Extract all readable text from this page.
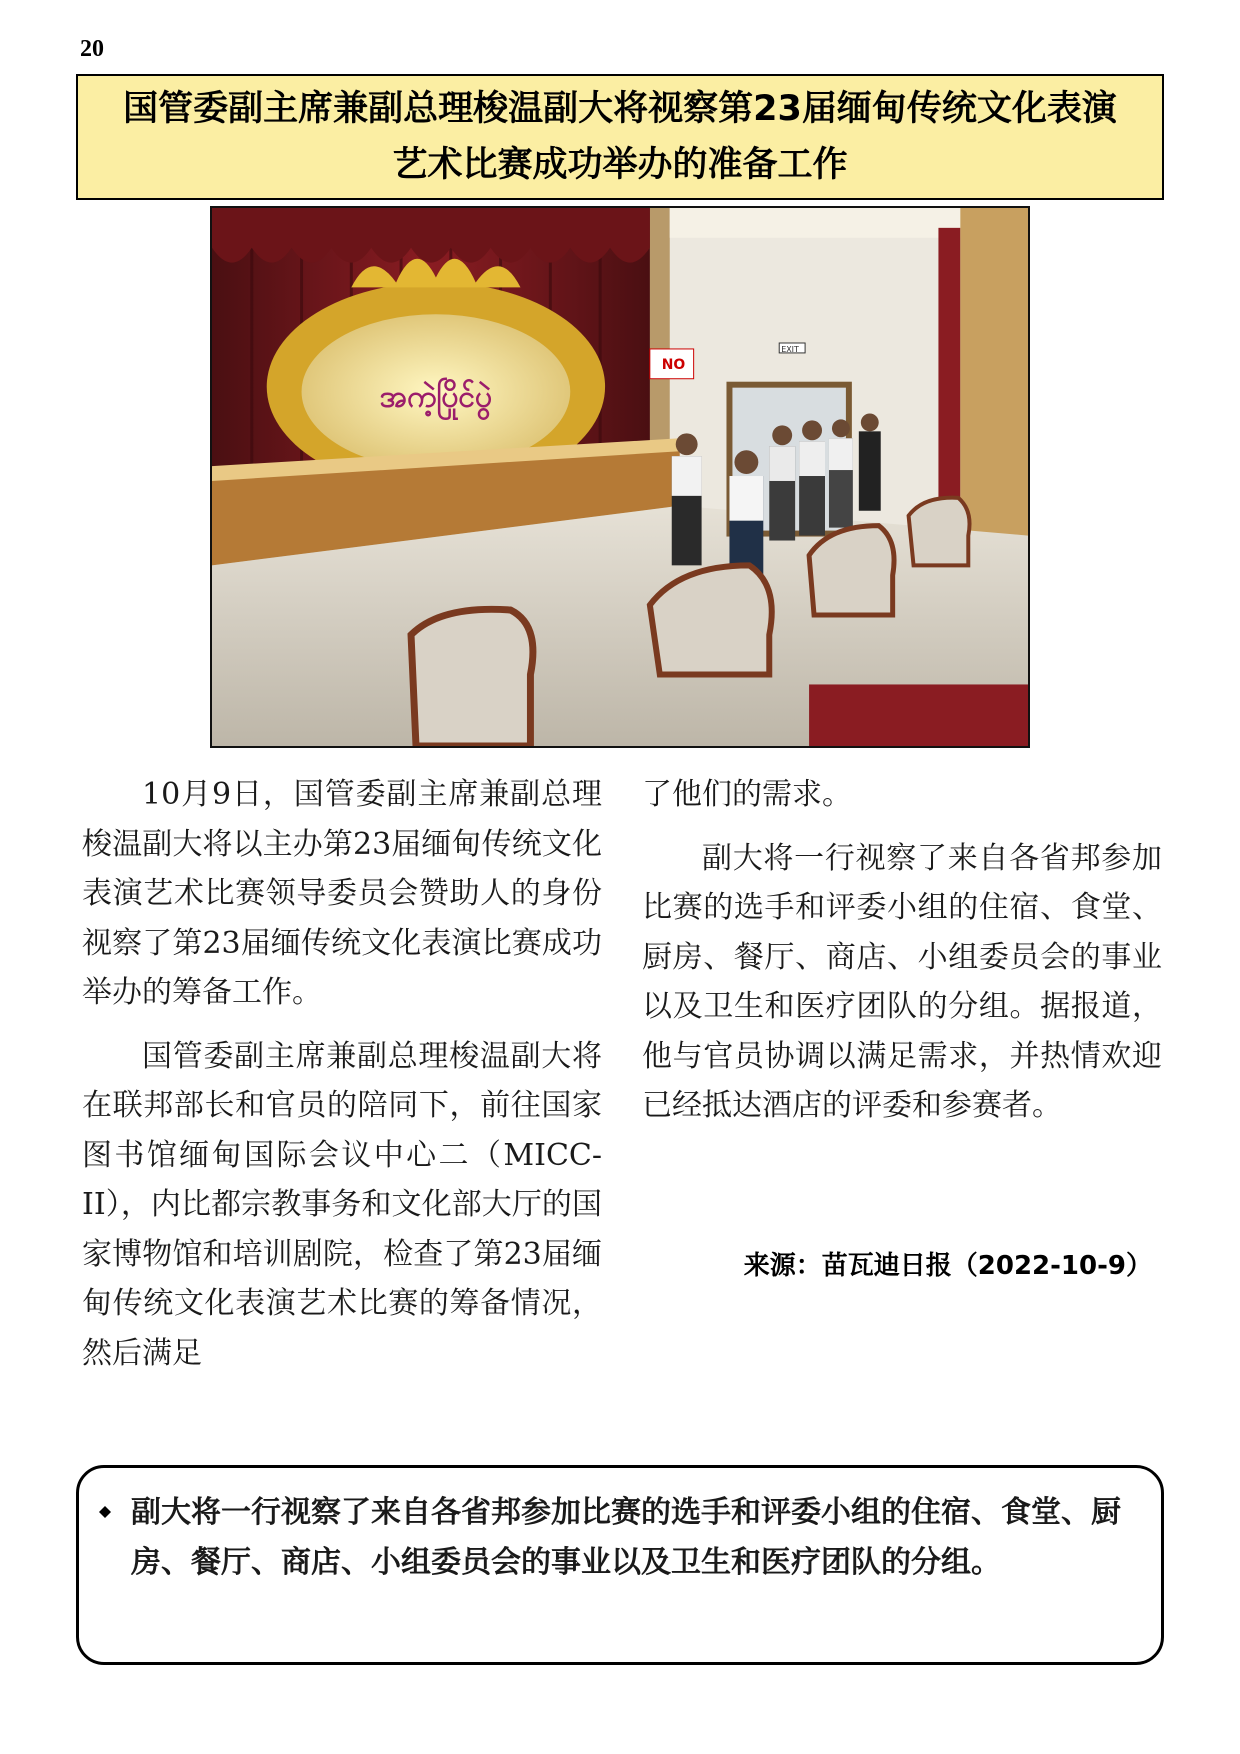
20
国管委副主席兼副总理梭温副大将视察第23届缅甸传统文化表演
艺术比赛成功举办的准备工作
အကဲ့ပြိုင်ပွဲ
NO
EXIT

10月9日，国管委副主席兼副总理梭温副大将以主办第23届缅甸传统文化表演艺术比赛领导委员会赞助人的身份视察了第23届缅传统文化表演比赛成功举办的筹备工作。

国管委副主席兼副总理梭温副大将在联邦部长和官员的陪同下，前往国家图书馆缅甸国际会议中心二（MICC-II），内比都宗教事务和文化部大厅的国家博物馆和培训剧院，检查了第23届缅甸传统文化表演艺术比赛的筹备情况，然后满足

了他们的需求。

副大将一行视察了来自各省邦参加比赛的选手和评委小组的住宿、食堂、厨房、餐厅、商店、小组委员会的事业以及卫生和医疗团队的分组。据报道，他与官员协调以满足需求，并热情欢迎已经抵达酒店的评委和参赛者。

来源：苗瓦迪日报（2022-10-9）
副大将一行视察了来自各省邦参加比赛的选手和评委小组的住宿、食堂、厨房、餐厅、商店、小组委员会的事业以及卫生和医疗团队的分组。
